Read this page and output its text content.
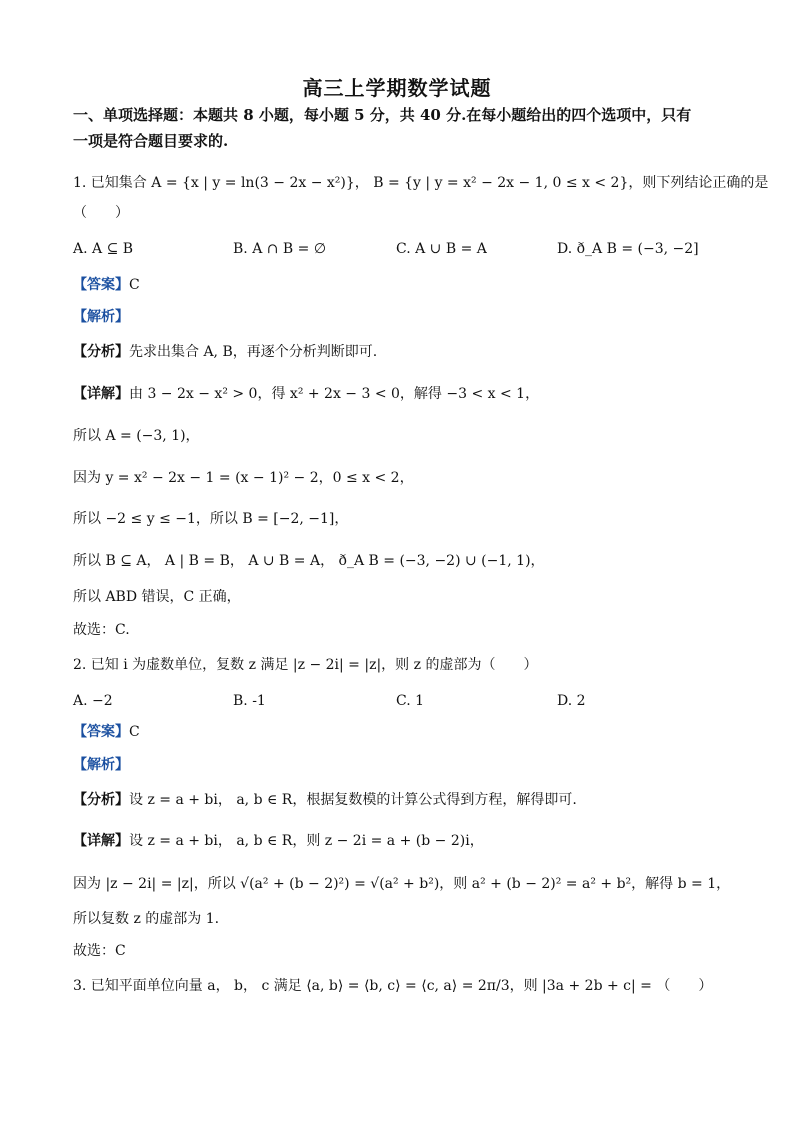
高三上学期数学试题
一、单项选择题：本题共 8 小题，每小题 5 分，共 40 分.在每小题给出的四个选项中，只有
一项是符合题目要求的.
1. 已知集合 A = {x | y = ln(3 − 2x − x²)}， B = {y | y = x² − 2x − 1, 0 ≤ x < 2}，则下列结论正确的是
（　　）
A. A ⊆ B	B. A ∩ B = ∅	C. A ∪ B = A	D. ð_A B = (−3, −2]
【答案】C
【解析】
【分析】先求出集合 A, B，再逐个分析判断即可.
【详解】由 3 − 2x − x² > 0，得 x² + 2x − 3 < 0，解得 −3 < x < 1，
所以 A = (−3, 1)，
因为 y = x² − 2x − 1 = (x − 1)² − 2，0 ≤ x < 2，
所以 −2 ≤ y ≤ −1，所以 B = [−2, −1]，
所以 B ⊆ A， A | B = B， A ∪ B = A， ð_A B = (−3, −2) ∪ (−1, 1)，
所以 ABD 错误，C 正确，
故选：C.
2. 已知 i 为虚数单位，复数 z 满足 |z − 2i| = |z|，则 z 的虚部为（　　）
A. −2	B. -1	C. 1	D. 2
【答案】C
【解析】
【分析】设 z = a + bi， a, b ∈ R，根据复数模的计算公式得到方程，解得即可.
【详解】设 z = a + bi， a, b ∈ R，则 z − 2i = a + (b − 2)i，
因为 |z − 2i| = |z|，所以 √(a² + (b − 2)²) = √(a² + b²)，则 a² + (b − 2)² = a² + b²，解得 b = 1，
所以复数 z 的虚部为 1.
故选：C
3. 已知平面单位向量 a， b， c 满足 ⟨a, b⟩ = ⟨b, c⟩ = ⟨c, a⟩ = 2π/3，则 |3a + 2b + c| = （　　）
